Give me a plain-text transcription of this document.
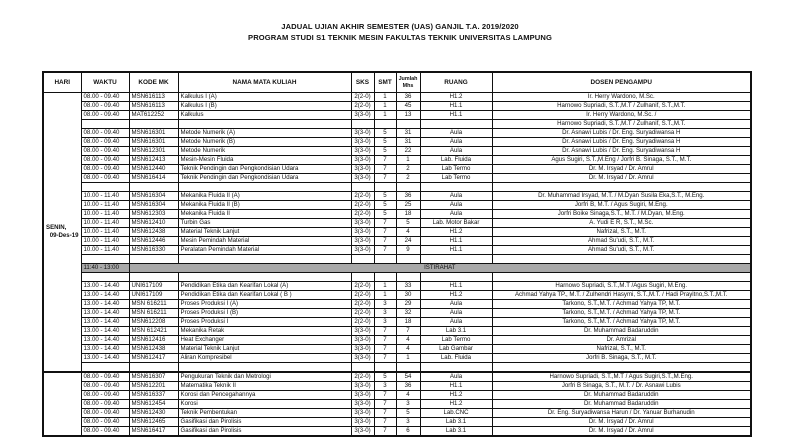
JADUAL UJIAN AKHIR SEMESTER (UAS) GANJIL T.A. 2019/2020
PROGRAM STUDI S1 TEKNIK MESIN FAKULTAS TEKNIK UNIVERSITAS LAMPUNG
HARI	WAKTU	KODE MK	NAMA MATA KULIAH	SKS	SMT	Jumlah Mhs	RUANG	DOSEN PENGAMPU

SENIN,
09-Des-19	08.00 - 09.40	MSN616113	Kalkulus I (A)	2(2-0)	1	36	H1.2	Ir. Herry Wardono, M.Sc.
	08.00 - 09.40	MSN616113	Kalkulus I (B)	2(2-0)	1	45	H1.1	Harnowo Supriadi, S.T.,M.T / Zulhanif, S.T.,M.T.
	08.00 - 09.40	MAT612252	Kalkulus	3(3-0)	1	13	H1.1	Ir. Herry Wardono, M.Sc. /
								Harnowo Supriadi, S.T.,M.T / Zulhanif, S.T.,M.T.
	08.00 - 09.40	MSN616301	Metode Numerik (A)	3(3-0)	5	31	Aula	Dr. Asnawi Lubis / Dr. Eng. Suryadiwansa H
	08.00 - 09.40	MSN616301	Metode Numerik (B)	3(3-0)	5	31	Aula	Dr. Asnawi Lubis / Dr. Eng. Suryadiwansa H
	08.00 - 09.40	MSN612301	Metode Numerik	3(3-0)	5	22	Aula	Dr. Asnawi Lubis / Dr. Eng. Suryadiwansa H
	08.00 - 09.40	MSN612413	Mesin-Mesin Fluida	3(3-0)	7	1	Lab. Fluida	Agus Sugiri, S.T.,M.Eng / Jorfri B. Sinaga, S.T., M.T.
	08.00 - 09.40	MSN612440	Teknik Pendingin dan Pengkondisian Udara	3(3-0)	7	2	Lab Termo	Dr. M. Irsyad / Dr. Amrul
	08.00 - 09.40	MSN616414	Teknik Pendingin dan Pengkondisian Udara	3(3-0)	7	2	Lab Termo	Dr. M. Irsyad / Dr. Amrul

	10.00 - 11.40	MSN616304	Mekanika Fluida II (A)	2(2-0)	5	36	Aula	Dr. Muhammad Irsyad, M.T. / M.Dyan Susila Eka,S.T., M.Eng.
	10.00 - 11.40	MSN616304	Mekanika Fluida II (B)	2(2-0)	5	25	Aula	Jorfri B, M.T. / Agus Sugiri, M.Eng.
	10.00 - 11.40	MSN612303	Mekanika Fluida II	2(2-0)	5	18	Aula	Jorfri Boike Sinaga,S.T., M.T. / M.Dyan, M.Eng.
	10.00 - 11.40	MSN612410	Turbin Gas	3(3-0)	7	5	Lab. Motor Bakar	A. Yudi E R, S.T., M.Sc.
	10.00 - 11.40	MSN612438	Material Teknik Lanjut	3(3-0)	7	4	H1.2	Nafrizal, S.T., M.T.
	10.00 - 11.40	MSN612446	Mesin Pemindah Material	3(3-0)	7	24	H1.1	Ahmad Su'udi, S.T., M.T.
	10.00 - 11.40	MSN616330	Peralatan Pemindah Material	3(3-0)	7	9	H1.1	Ahmad Su'udi, S.T., M.T.

	11:40 - 13:00	ISTIRAHAT						

	13.00 - 14.40	UNI617109	Pendidikan Etika dan Kearifan Lokal (A)	2(2-0)	1	33	H1.1	Harnowo Supriadi, S.T.,M.T /Agus Sugiri, M.Eng.
	13.00 - 14.40	UNI617109	Pendidikan Etika dan Kearifan Lokal ( B )	2(2-0)	1	30	H1.2	Achmad Yahya TP., M.T. / Zulhendri Hasymi, S.T.,M.T. / Hadi Prayitno,S.T.,M.T.
	13.00 - 14.40	MSN 616211	Proses Produksi I (A)	2(2-0)	3	29	Aula	Tarkono, S.T.,M.T. / Achmad Yahya TP, M.T.
	13.00 - 14.40	MSN 616211	Proses Produksi I (B)	2(2-0)	3	32	Aula	Tarkono, S.T.,M.T. / Achmad Yahya TP, M.T.
	13.00 - 14.40	MSN612208	Proses Produksi I	2(2-0)	3	18	Aula	Tarkono, S.T.,M.T. / Achmad Yahya TP, M.T.
	13.00 - 14.40	MSN 612421	Mekanika Retak	3(3-0)	7	7	Lab 3.1	Dr. Muhammad Badaruddin
	13.00 - 14.40	MSN612416	Heat Exchanger	3(3-0)	7	4	Lab Termo	Dr. Amrizal
	13.00 - 14.40	MSN612438	Material Teknik Lanjut	3(3-0)	7	4	Lab Gambar	Nafrizal, S.T., M.T.
	13.00 - 14.40	MSN612417	Aliran Kompresibel	3(3-0)	7	1	Lab. Fluida	Jorfri B. Sinaga, S.T., M.T.

	08.00 - 09.40	MSN616307	Pengukuran Teknik dan Metrologi	2(2-0)	5	54	Aula	Harnowo Supriadi, S.T.,M.T / Agus Sugiri,S.T.,M.Eng.
	08.00 - 09.40	MSN612201	Matematika Teknik II	3(3-0)	3	36	H1.1	Jorfri B Sinaga, S.T., M.T. / Dr. Asnawi Lubis
	08.00 - 09.40	MSN616337	Korosi dan Pencegahannya	3(3-0)	7	4	H1.2	Dr. Muhammad Badaruddin
	08.00 - 09.40	MSN612454	Korosi	3(3-0)	7	3	H1.2	Dr. Muhammad Badaruddin
	08.00 - 09.40	MSN612430	Teknik Pembentukan	3(3-0)	7	5	Lab.CNC	Dr. Eng. Suryadiwansa Harun / Dr. Yanuar Burhanudin
	08.00 - 09.40	MSN612465	Gasifikasi dan Pirolisis	3(3-0)	7	3	Lab 3.1	Dr. M. Irsyad / Dr. Amrul
	08.00 - 09.40	MSN616417	Gasifikasi dan Pirolisis	3(3-0)	7	6	Lab 3.1	Dr. M. Irsyad / Dr. Amrul
